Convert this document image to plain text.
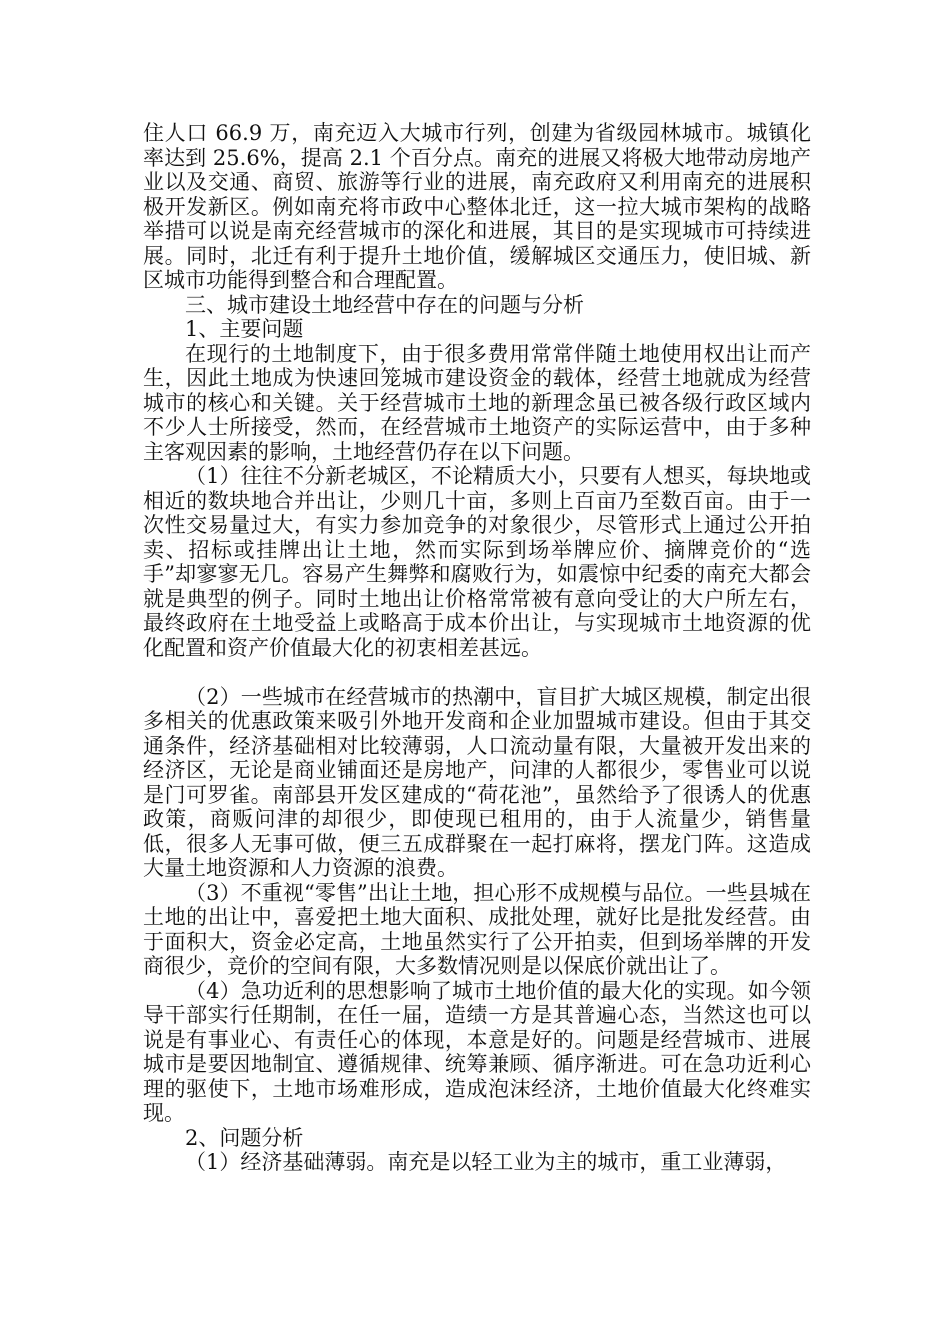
住人口 66.9 万，南充迈入大城市行列，创建为省级园林城市。城镇化率达到 25.6%，提高 2.1 个百分点。南充的进展又将极大地带动房地产业以及交通、商贸、旅游等行业的进展，南充政府又利用南充的进展积极开发新区。例如南充将市政中心整体北迁，这一拉大城市架构的战略举措可以说是南充经营城市的深化和进展，其目的是实现城市可持续进展。同时，北迁有利于提升土地价值，缓解城区交通压力，使旧城、新区城市功能得到整合和合理配置。

三、城市建设土地经营中存在的问题与分析

1、主要问题

在现行的土地制度下，由于很多费用常常伴随土地使用权出让而产生，因此土地成为快速回笼城市建设资金的载体，经营土地就成为经营城市的核心和关键。关于经营城市土地的新理念虽已被各级行政区域内不少人士所接受，然而，在经营城市土地资产的实际运营中，由于多种主客观因素的影响，土地经营仍存在以下问题。

（1）往往不分新老城区，不论精质大小，只要有人想买，每块地或相近的数块地合并出让，少则几十亩，多则上百亩乃至数百亩。由于一次性交易量过大，有实力参加竞争的对象很少，尽管形式上通过公开拍卖、招标或挂牌出让土地，然而实际到场举牌应价、摘牌竞价的“选手”却寥寥无几。容易产生舞弊和腐败行为，如震惊中纪委的南充大都会就是典型的例子。同时土地出让价格常常被有意向受让的大户所左右，最终政府在土地受益上或略高于成本价出让，与实现城市土地资源的优化配置和资产价值最大化的初衷相差甚远。

（2）一些城市在经营城市的热潮中，盲目扩大城区规模，制定出很多相关的优惠政策来吸引外地开发商和企业加盟城市建设。但由于其交通条件，经济基础相对比较薄弱，人口流动量有限，大量被开发出来的经济区，无论是商业铺面还是房地产，问津的人都很少，零售业可以说是门可罗雀。南部县开发区建成的“荷花池”，虽然给予了很诱人的优惠政策，商贩问津的却很少，即使现已租用的，由于人流量少，销售量低，很多人无事可做，便三五成群聚在一起打麻将，摆龙门阵。这造成大量土地资源和人力资源的浪费。

（3）不重视“零售”出让土地，担心形不成规模与品位。一些县城在土地的出让中，喜爱把土地大面积、成批处理，就好比是批发经营。由于面积大，资金必定高，土地虽然实行了公开拍卖，但到场举牌的开发商很少，竞价的空间有限，大多数情况则是以保底价就出让了。

（4）急功近利的思想影响了城市土地价值的最大化的实现。如今领导干部实行任期制，在任一届，造绩一方是其普遍心态，当然这也可以说是有事业心、有责任心的体现，本意是好的。问题是经营城市、进展城市是要因地制宜、遵循规律、统筹兼顾、循序渐进。可在急功近利心理的驱使下，土地市场难形成，造成泡沫经济，土地价值最大化终难实现。

2、问题分析

（1）经济基础薄弱。南充是以轻工业为主的城市，重工业薄弱，
